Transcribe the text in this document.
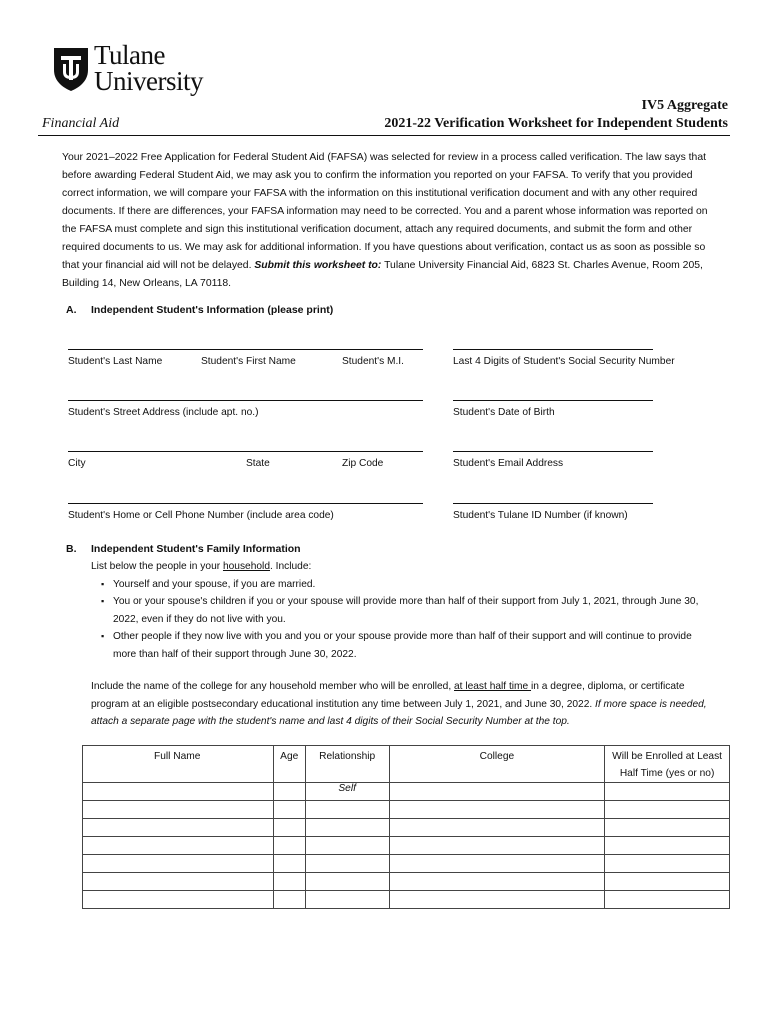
Tulane
University
Financial Aid
IV5 Aggregate
2021-22 Verification Worksheet for Independent Students
Your 2021–2022 Free Application for Federal Student Aid (FAFSA) was selected for review in a process called verification. The law says that before awarding Federal Student Aid, we may ask you to confirm the information you reported on your FAFSA. To verify that you provided correct information, we will compare your FAFSA with the information on this institutional verification document and with any other required documents. If there are differences, your FAFSA information may need to be corrected. You and a parent whose information was reported on the FAFSA must complete and sign this institutional verification document, attach any required documents, and submit the form and other required documents to us. We may ask for additional information. If you have questions about verification, contact us as soon as possible so that your financial aid will not be delayed. Submit this worksheet to: Tulane University Financial Aid, 6823 St. Charles Avenue, Room 205, Building 14, New Orleans, LA 70118.
A. Independent Student's Information (please print)
Student's Last Name	Student's First Name	Student's M.I.	Last 4 Digits of Student's Social Security Number
Student's Street Address (include apt. no.)	Student's Date of Birth
City	State	Zip Code	Student's Email Address
Student's Home or Cell Phone Number (include area code)	Student's Tulane ID Number (if known)
B. Independent Student's Family Information
List below the people in your household. Include:
▪ Yourself and your spouse, if you are married.
▪ You or your spouse's children if you or your spouse will provide more than half of their support from July 1, 2021, through June 30, 2022, even if they do not live with you.
▪ Other people if they now live with you and you or your spouse provide more than half of their support and will continue to provide more than half of their support through June 30, 2022.
Include the name of the college for any household member who will be enrolled, at least half time in a degree, diploma, or certificate program at an eligible postsecondary educational institution any time between July 1, 2021, and June 30, 2022. If more space is needed, attach a separate page with the student's name and last 4 digits of their Social Security Number at the top.
Full Name	Age	Relationship	College	Will be Enrolled at Least Half Time (yes or no)
		Self		
